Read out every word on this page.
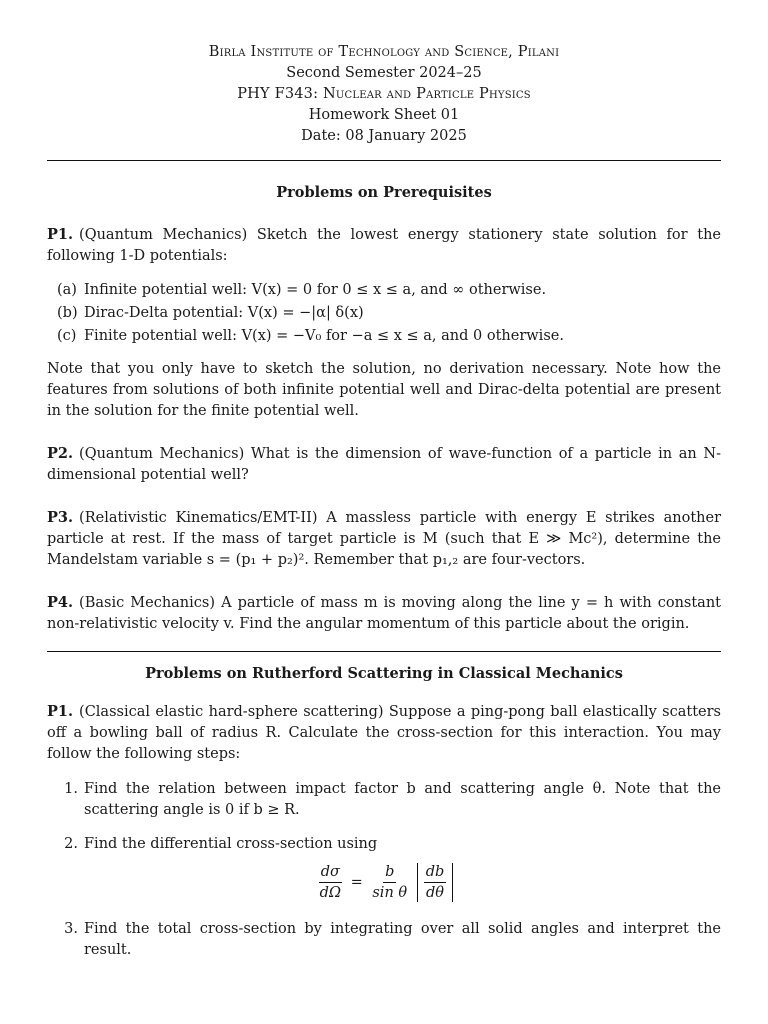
Birla Institute of Technology and Science, Pilani
Second Semester 2024–25
PHY F343: Nuclear and Particle Physics
Homework Sheet 01
Date: 08 January 2025
Problems on Prerequisites

P1. (Quantum Mechanics) Sketch the lowest energy stationery state solution for the following 1-D potentials:

(a) Infinite potential well: V(x) = 0 for 0 ≤ x ≤ a, and ∞ otherwise.
(b) Dirac-Delta potential: V(x) = −|α| δ(x)
(c) Finite potential well: V(x) = −V₀ for −a ≤ x ≤ a, and 0 otherwise.

Note that you only have to sketch the solution, no derivation necessary. Note how the features from solutions of both infinite potential well and Dirac-delta potential are present in the solution for the finite potential well.

P2. (Quantum Mechanics) What is the dimension of wave-function of a particle in an N-dimensional potential well?

P3. (Relativistic Kinematics/EMT-II) A massless particle with energy E strikes another particle at rest. If the mass of target particle is M (such that E ≫ Mc²), determine the Mandelstam variable s = (p₁ + p₂)². Remember that p₁,₂ are four-vectors.

P4. (Basic Mechanics) A particle of mass m is moving along the line y = h with constant non-relativistic velocity v. Find the angular momentum of this particle about the origin.

Problems on Rutherford Scattering in Classical Mechanics

P1. (Classical elastic hard-sphere scattering) Suppose a ping-pong ball elastically scatters off a bowling ball of radius R. Calculate the cross-section for this interaction. You may follow the following steps:

1. Find the relation between impact factor b and scattering angle θ. Note that the scattering angle is 0 if b ≥ R.
2. Find the differential cross-section using
$\frac{d\sigma}{d\Omega} = \frac{b}{\text{sin θ}}$
$\frac{db}{d\theta}$
3. Find the total cross-section by integrating over all solid angles and interpret the result.
